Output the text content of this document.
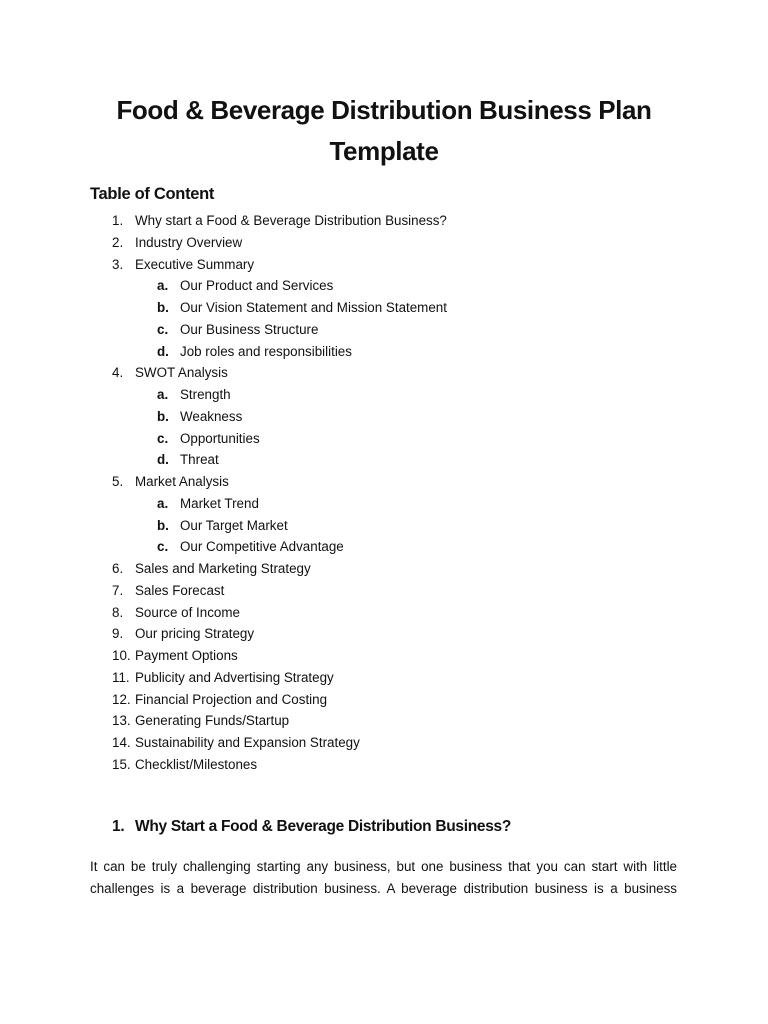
Food & Beverage Distribution Business Plan
Template
Table of Content
1. Why start a Food & Beverage Distribution Business?
2. Industry Overview
3. Executive Summary
a. Our Product and Services
b. Our Vision Statement and Mission Statement
c. Our Business Structure
d. Job roles and responsibilities
4. SWOT Analysis
a. Strength
b. Weakness
c. Opportunities
d. Threat
5. Market Analysis
a. Market Trend
b. Our Target Market
c. Our Competitive Advantage
6. Sales and Marketing Strategy
7. Sales Forecast
8. Source of Income
9. Our pricing Strategy
10. Payment Options
11. Publicity and Advertising Strategy
12. Financial Projection and Costing
13. Generating Funds/Startup
14. Sustainability and Expansion Strategy
15. Checklist/Milestones
1. Why Start a Food & Beverage Distribution Business?

It can be truly challenging starting any business, but one business that you can start with little
challenges is a beverage distribution business. A beverage distribution business is a business
